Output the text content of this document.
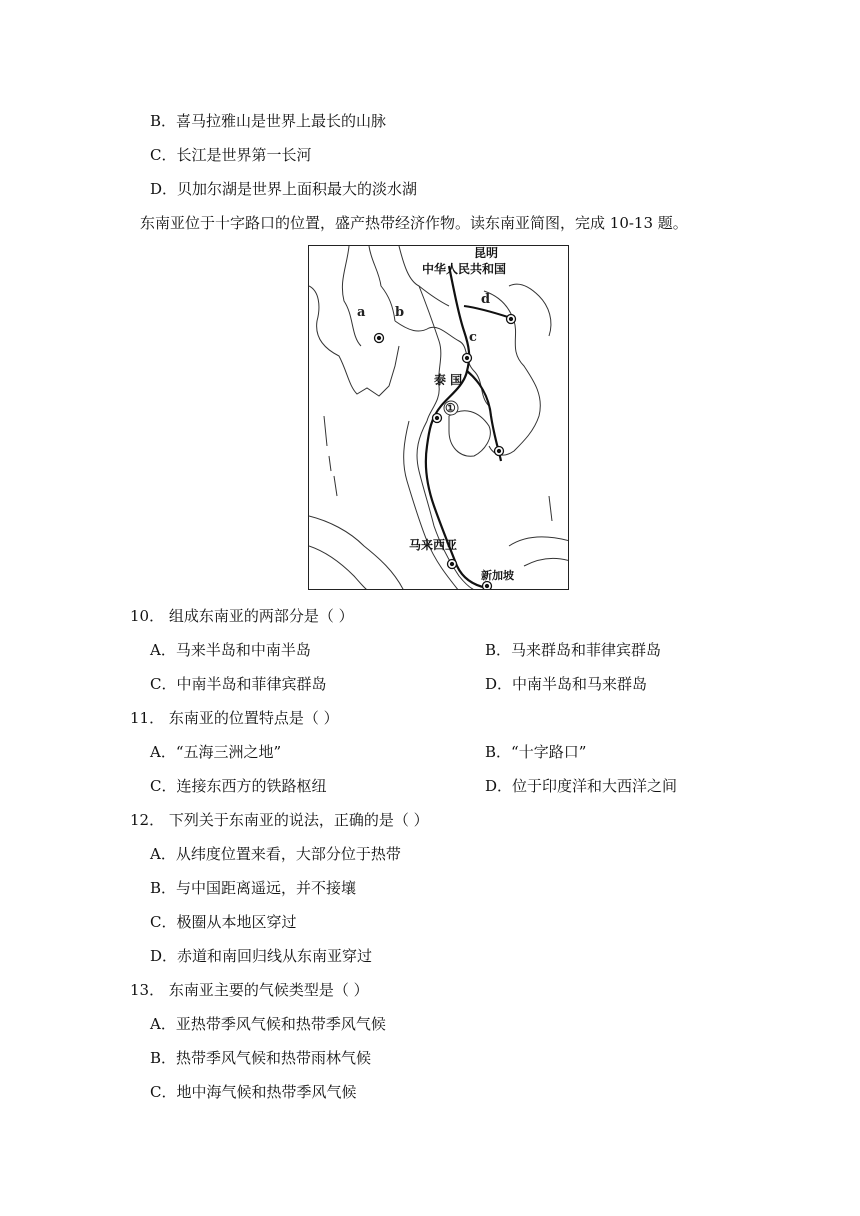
B．喜马拉雅山是世界上最长的山脉
C．长江是世界第一长河
D．贝加尔湖是世界上面积最大的淡水湖
东南亚位于十字路口的位置，盛产热带经济作物。读东南亚简图，完成 10-13 题。
昆明
中华人民共和国
泰 国
马来西亚
新加坡
a b
c
d
①
10． 组成东南亚的两部分是（ ）
A．马来半岛和中南半岛	B．马来群岛和菲律宾群岛
C．中南半岛和菲律宾群岛	D．中南半岛和马来群岛
11． 东南亚的位置特点是（ ）
A．“五海三洲之地”	B．“十字路口”
C．连接东西方的铁路枢纽	D．位于印度洋和大西洋之间
12． 下列关于东南亚的说法，正确的是（ ）
A．从纬度位置来看，大部分位于热带
B．与中国距离遥远，并不接壤
C．极圈从本地区穿过
D．赤道和南回归线从东南亚穿过
13． 东南亚主要的气候类型是（ ）
A．亚热带季风气候和热带季风气候
B．热带季风气候和热带雨林气候
C．地中海气候和热带季风气候
